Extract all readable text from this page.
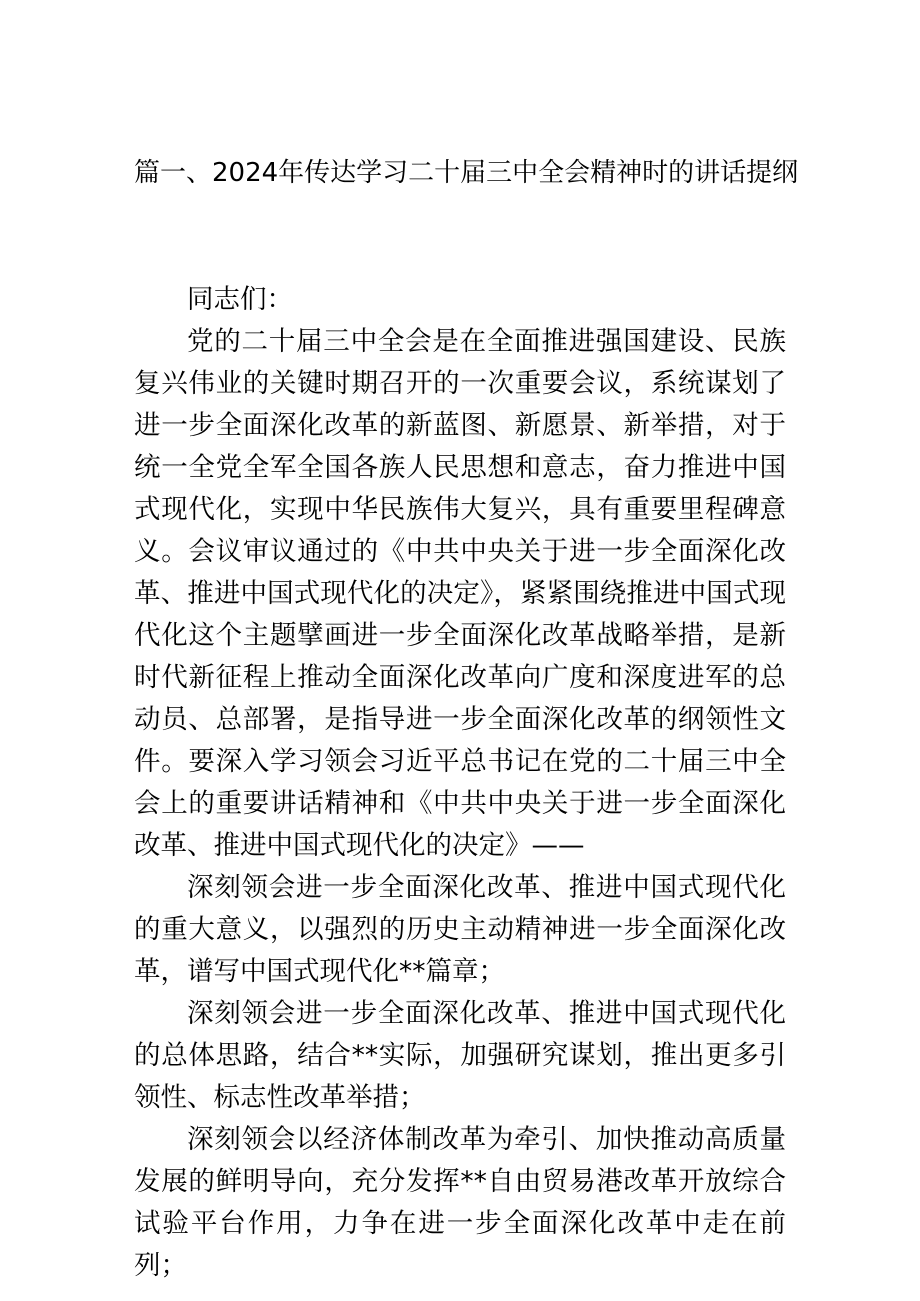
篇一、2024年传达学习二十届三中全会精神时的讲话提纲

同志们：

党的二十届三中全会是在全面推进强国建设、民族复兴伟业的关键时期召开的一次重要会议，系统谋划了进一步全面深化改革的新蓝图、新愿景、新举措，对于统一全党全军全国各族人民思想和意志，奋力推进中国式现代化，实现中华民族伟大复兴，具有重要里程碑意义。会议审议通过的《中共中央关于进一步全面深化改革、推进中国式现代化的决定》，紧紧围绕推进中国式现代化这个主题擘画进一步全面深化改革战略举措，是新时代新征程上推动全面深化改革向广度和深度进军的总动员、总部署，是指导进一步全面深化改革的纲领性文件。要深入学习领会习近平总书记在党的二十届三中全会上的重要讲话精神和《中共中央关于进一步全面深化改革、推进中国式现代化的决定》——

深刻领会进一步全面深化改革、推进中国式现代化的重大意义，以强烈的历史主动精神进一步全面深化改革，谱写中国式现代化**篇章；

深刻领会进一步全面深化改革、推进中国式现代化的总体思路，结合**实际，加强研究谋划，推出更多引领性、标志性改革举措；

深刻领会以经济体制改革为牵引、加快推动高质量发展的鲜明导向，充分发挥**自由贸易港改革开放综合试验平台作用，力争在进一步全面深化改革中走在前列；
